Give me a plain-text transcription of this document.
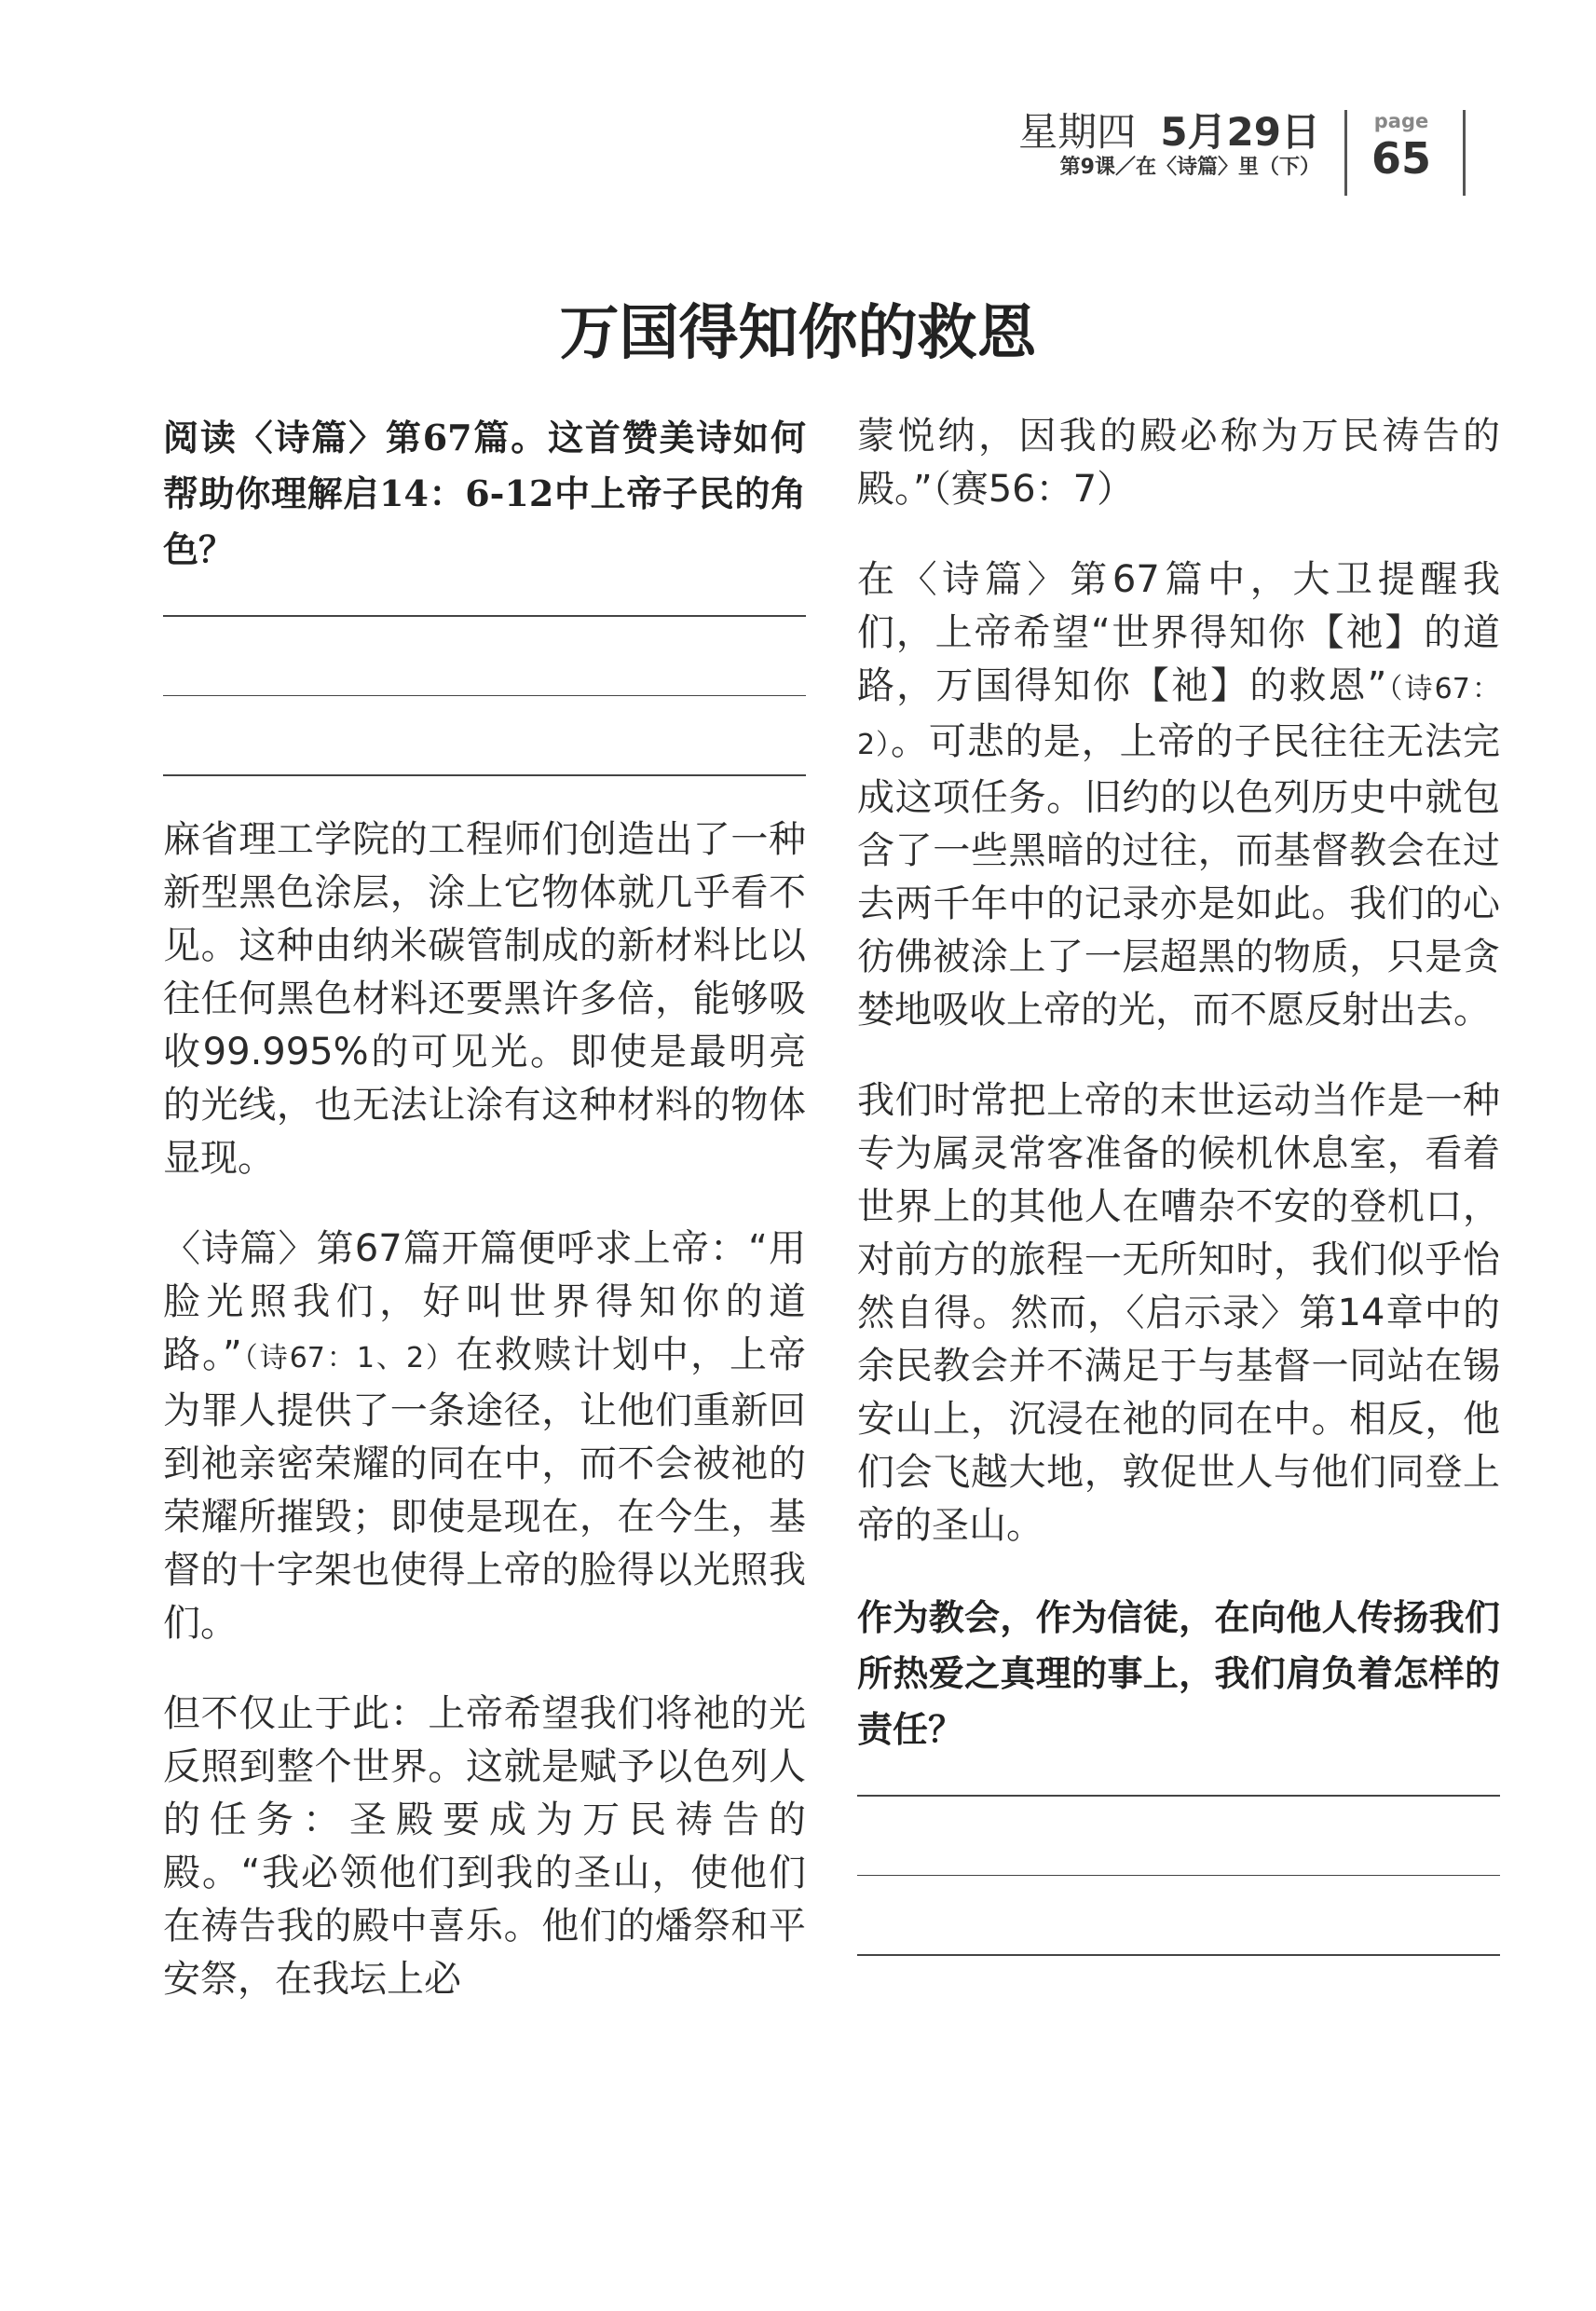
星期四 5月29日
第9课／在〈诗篇〉里（下）
page
65
万国得知你的救恩

阅读〈诗篇〉第67篇。这首赞美诗如何帮助你理解启14：6-12中上帝子民的角色？

麻省理工学院的工程师们创造出了一种新型黑色涂层，涂上它物体就几乎看不见。这种由纳米碳管制成的新材料比以往任何黑色材料还要黑许多倍，能够吸收99.995%的可见光。即使是最明亮的光线，也无法让涂有这种材料的物体显现。

〈诗篇〉第67篇开篇便呼求上帝：“用脸光照我们，好叫世界得知你的道路。”（诗67：1、2）在救赎计划中，上帝为罪人提供了一条途径，让他们重新回到祂亲密荣耀的同在中，而不会被祂的荣耀所摧毁；即使是现在，在今生，基督的十字架也使得上帝的脸得以光照我们。

但不仅止于此：上帝希望我们将祂的光反照到整个世界。这就是赋予以色列人的任务：圣殿要成为万民祷告的殿。“我必领他们到我的圣山，使他们在祷告我的殿中喜乐。他们的燔祭和平安祭，在我坛上必

蒙悦纳，因我的殿必称为万民祷告的殿。”（赛56：7）

在〈诗篇〉第67篇中，大卫提醒我们，上帝希望“世界得知你【祂】的道路，万国得知你【祂】的救恩”（诗67：2）。可悲的是，上帝的子民往往无法完成这项任务。旧约的以色列历史中就包含了一些黑暗的过往，而基督教会在过去两千年中的记录亦是如此。我们的心彷佛被涂上了一层超黑的物质，只是贪婪地吸收上帝的光，而不愿反射出去。

我们时常把上帝的末世运动当作是一种专为属灵常客准备的候机休息室，看着世界上的其他人在嘈杂不安的登机口，对前方的旅程一无所知时，我们似乎怡然自得。然而，〈启示录〉第14章中的余民教会并不满足于与基督一同站在锡安山上，沉浸在祂的同在中。相反，他们会飞越大地，敦促世人与他们同登上帝的圣山。

作为教会，作为信徒，在向他人传扬我们所热爱之真理的事上，我们肩负着怎样的责任？
